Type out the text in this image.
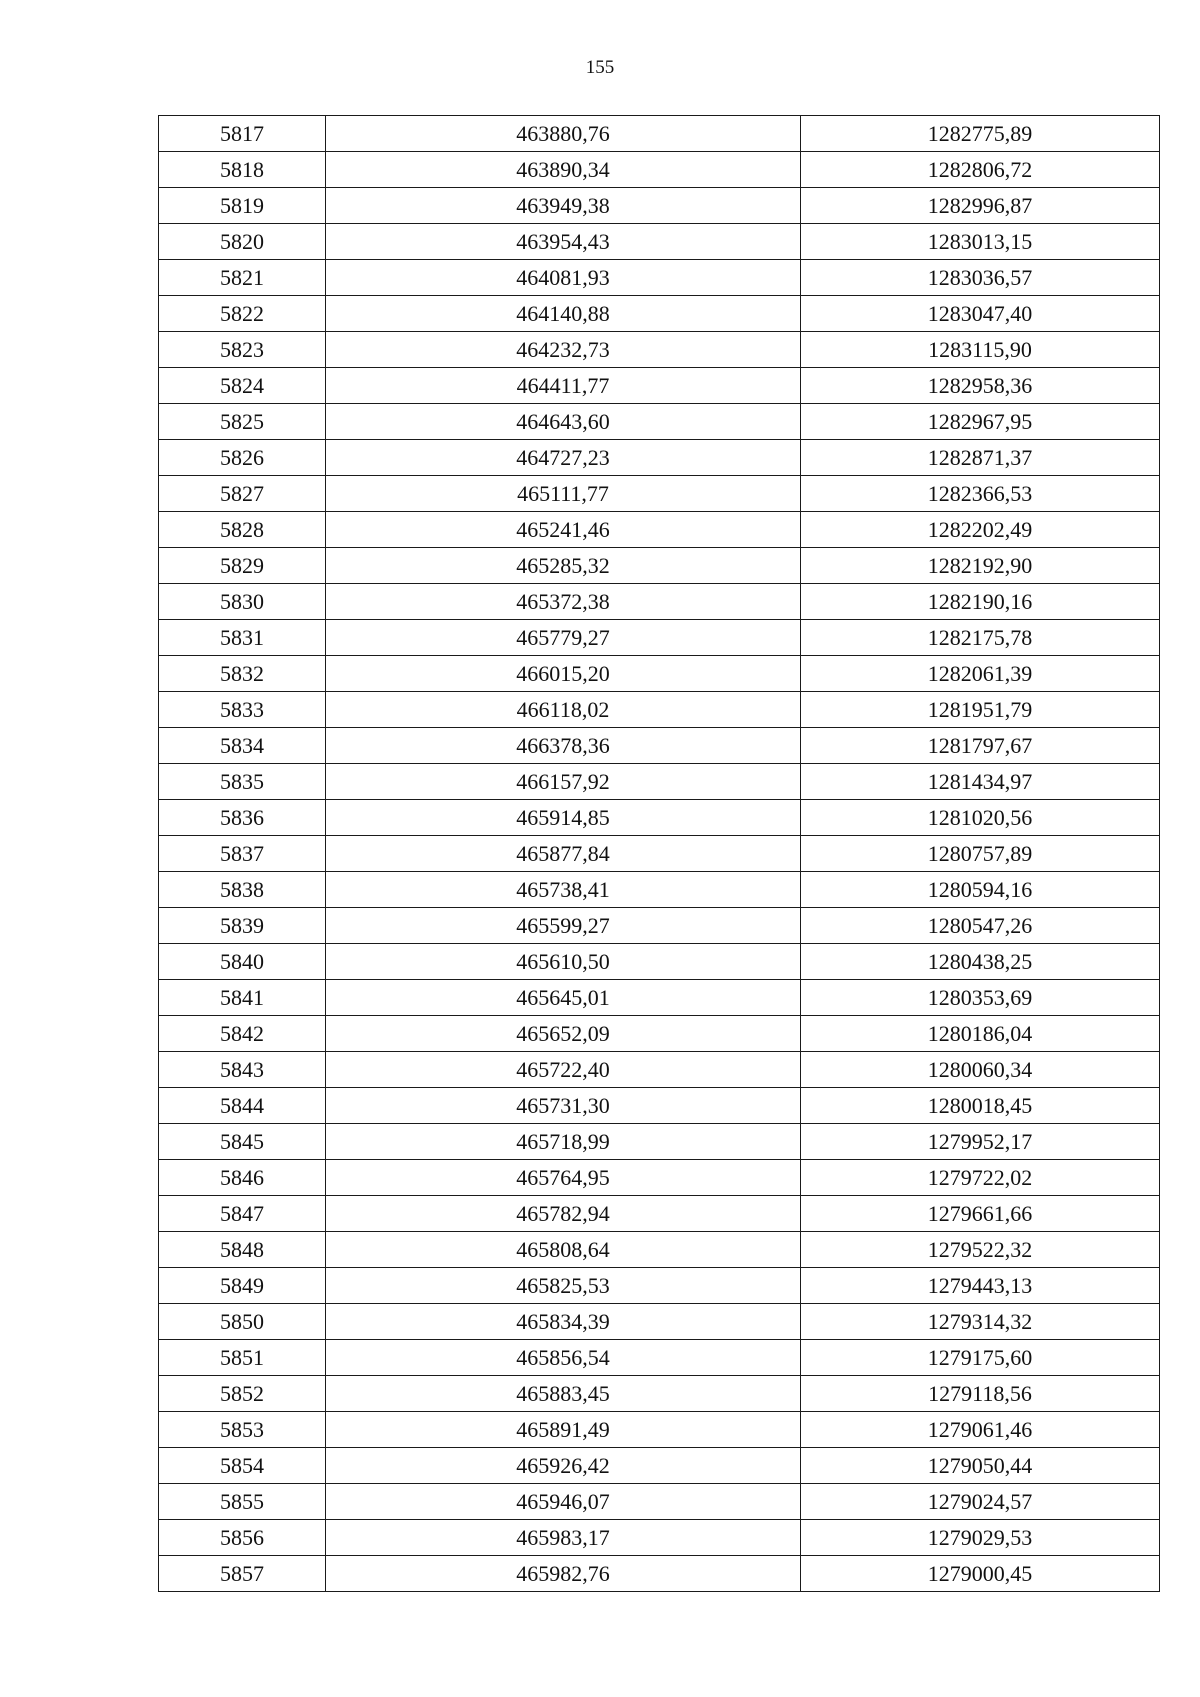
155
5817	463880,76	1282775,89
5818	463890,34	1282806,72
5819	463949,38	1282996,87
5820	463954,43	1283013,15
5821	464081,93	1283036,57
5822	464140,88	1283047,40
5823	464232,73	1283115,90
5824	464411,77	1282958,36
5825	464643,60	1282967,95
5826	464727,23	1282871,37
5827	465111,77	1282366,53
5828	465241,46	1282202,49
5829	465285,32	1282192,90
5830	465372,38	1282190,16
5831	465779,27	1282175,78
5832	466015,20	1282061,39
5833	466118,02	1281951,79
5834	466378,36	1281797,67
5835	466157,92	1281434,97
5836	465914,85	1281020,56
5837	465877,84	1280757,89
5838	465738,41	1280594,16
5839	465599,27	1280547,26
5840	465610,50	1280438,25
5841	465645,01	1280353,69
5842	465652,09	1280186,04
5843	465722,40	1280060,34
5844	465731,30	1280018,45
5845	465718,99	1279952,17
5846	465764,95	1279722,02
5847	465782,94	1279661,66
5848	465808,64	1279522,32
5849	465825,53	1279443,13
5850	465834,39	1279314,32
5851	465856,54	1279175,60
5852	465883,45	1279118,56
5853	465891,49	1279061,46
5854	465926,42	1279050,44
5855	465946,07	1279024,57
5856	465983,17	1279029,53
5857	465982,76	1279000,45
